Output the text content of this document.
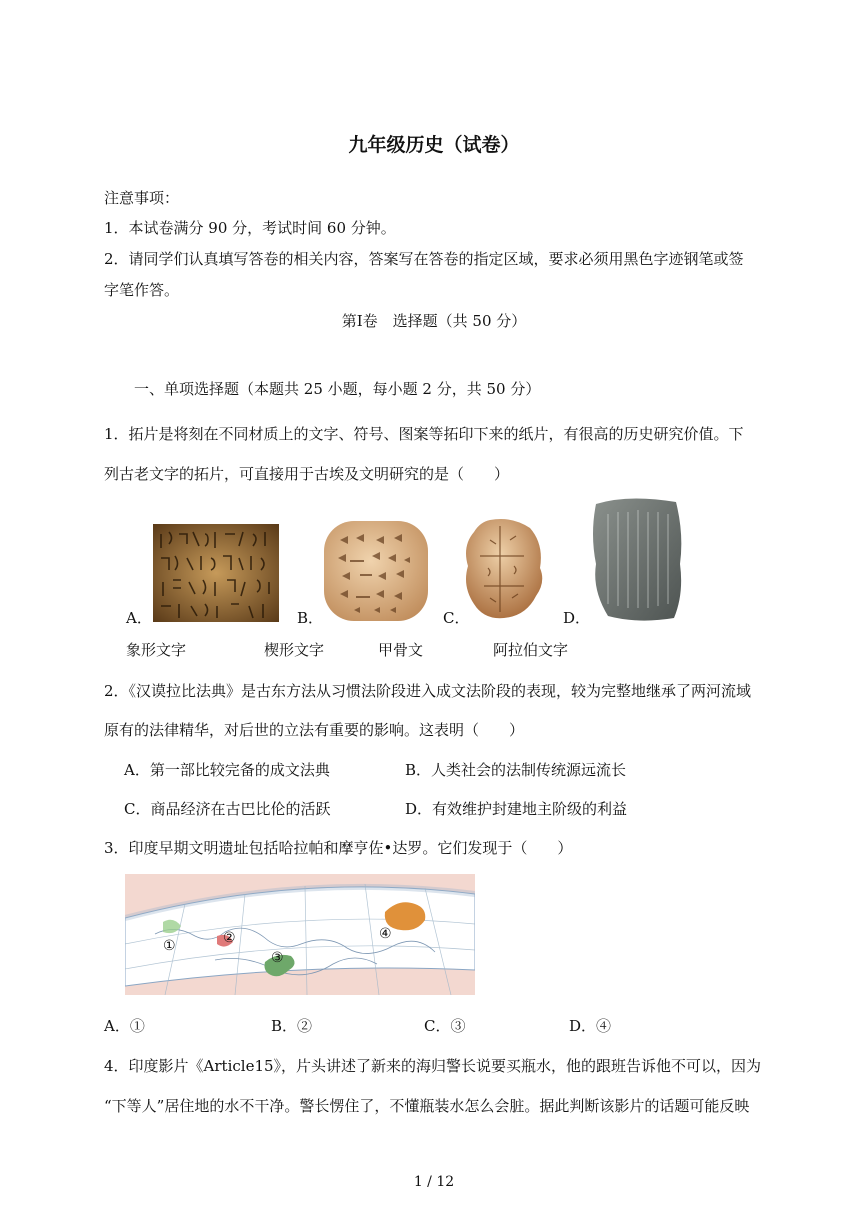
九年级历史（试卷）
注意事项：
1．本试卷满分 90 分，考试时间 60 分钟。
2．请同学们认真填写答卷的相关内容，答案写在答卷的指定区域，要求必须用黑色字迹钢笔或签
字笔作答。
第Ⅰ卷　选择题（共 50 分）
一、单项选择题（本题共 25 小题，每小题 2 分，共 50 分）
1．拓片是将刻在不同材质上的文字、符号、图案等拓印下来的纸片，有很高的历史研究价值。下
列古老文字的拓片，可直接用于古埃及文明研究的是（　　）
A．	B．	C．	D．
象形文字	楔形文字	甲骨文	阿拉伯文字
2．《汉谟拉比法典》是古东方法从习惯法阶段进入成文法阶段的表现，较为完整地继承了两河流域
原有的法律精华，对后世的立法有重要的影响。这表明（　　）
A．第一部比较完备的成文法典	B．人类社会的法制传统源远流长
C．商品经济在古巴比伦的活跃	D．有效维护封建地主阶级的利益
3．印度早期文明遗址包括哈拉帕和摩亨佐•达罗。它们发现于（　　）
①	②
③
④
A．①	B．②	C．③	D．④
4．印度影片《Article15》，片头讲述了新来的海归警长说要买瓶水，他的跟班告诉他不可以，因为
“下等人”居住地的水不干净。警长愣住了，不懂瓶装水怎么会脏。据此判断该影片的话题可能反映
1 / 12
